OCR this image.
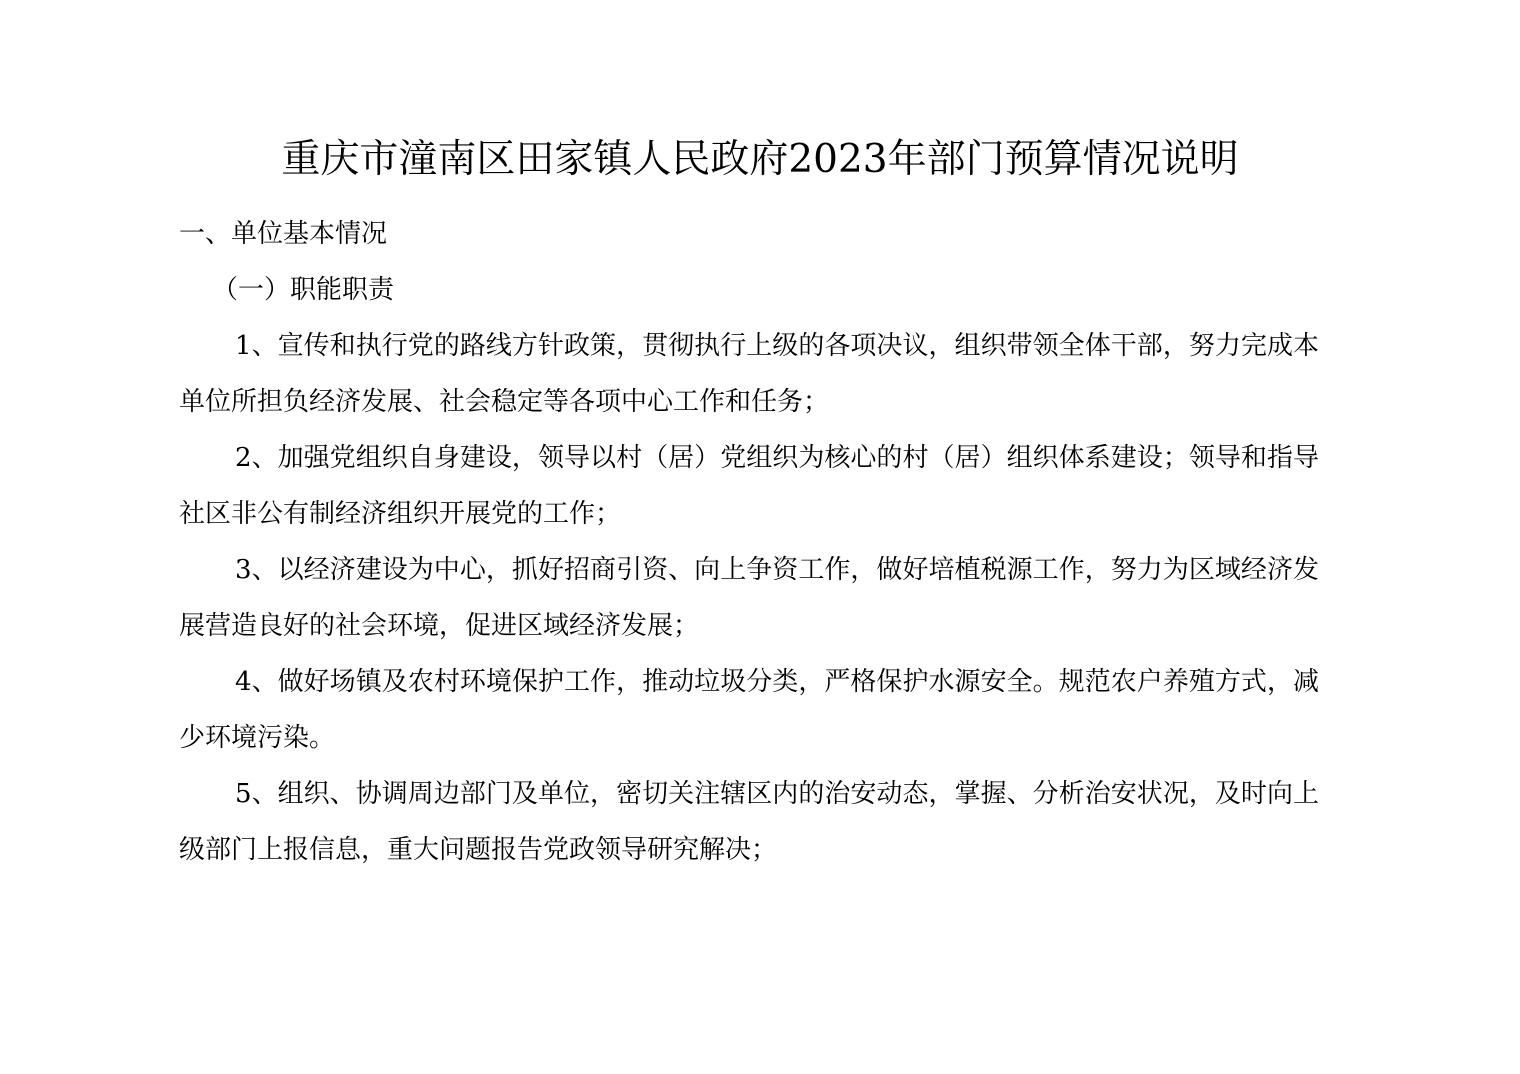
重庆市潼南区田家镇人民政府2023年部门预算情况说明

一、单位基本情况

（一）职能职责

1、宣传和执行党的路线方针政策，贯彻执行上级的各项决议，组织带领全体干部，努力完成本单位所担负经济发展、社会稳定等各项中心工作和任务；

2、加强党组织自身建设，领导以村（居）党组织为核心的村（居）组织体系建设；领导和指导社区非公有制经济组织开展党的工作；

3、以经济建设为中心，抓好招商引资、向上争资工作，做好培植税源工作，努力为区域经济发展营造良好的社会环境，促进区域经济发展；

4、做好场镇及农村环境保护工作，推动垃圾分类，严格保护水源安全。规范农户养殖方式，减少环境污染。

5、组织、协调周边部门及单位，密切关注辖区内的治安动态，掌握、分析治安状况，及时向上级部门上报信息，重大问题报告党政领导研究解决；
